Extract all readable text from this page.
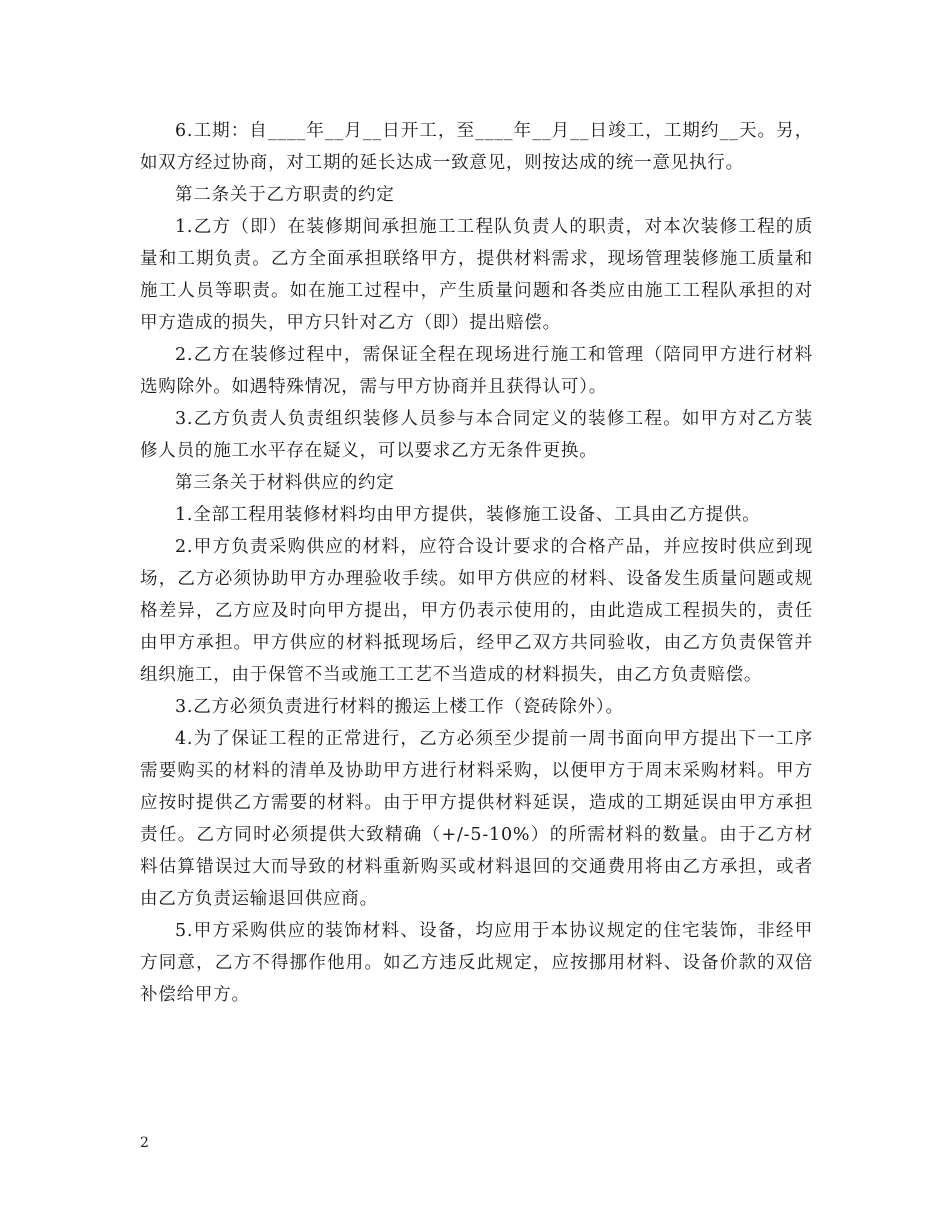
6.工期：自____年__月__日开工，至____年__月__日竣工，工期约__天。另，如双方经过协商，对工期的延长达成一致意见，则按达成的统一意见执行。

第二条关于乙方职责的约定

1.乙方（即）在装修期间承担施工工程队负责人的职责，对本次装修工程的质量和工期负责。乙方全面承担联络甲方，提供材料需求，现场管理装修施工质量和施工人员等职责。如在施工过程中，产生质量问题和各类应由施工工程队承担的对甲方造成的损失，甲方只针对乙方（即）提出赔偿。

2.乙方在装修过程中，需保证全程在现场进行施工和管理（陪同甲方进行材料选购除外。如遇特殊情况，需与甲方协商并且获得认可）。

3.乙方负责人负责组织装修人员参与本合同定义的装修工程。如甲方对乙方装修人员的施工水平存在疑义，可以要求乙方无条件更换。

第三条关于材料供应的约定

1.全部工程用装修材料均由甲方提供，装修施工设备、工具由乙方提供。

2.甲方负责采购供应的材料，应符合设计要求的合格产品，并应按时供应到现场，乙方必须协助甲方办理验收手续。如甲方供应的材料、设备发生质量问题或规格差异，乙方应及时向甲方提出，甲方仍表示使用的，由此造成工程损失的，责任由甲方承担。甲方供应的材料抵现场后，经甲乙双方共同验收，由乙方负责保管并组织施工，由于保管不当或施工工艺不当造成的材料损失，由乙方负责赔偿。

3.乙方必须负责进行材料的搬运上楼工作（瓷砖除外）。

4.为了保证工程的正常进行，乙方必须至少提前一周书面向甲方提出下一工序需要购买的材料的清单及协助甲方进行材料采购，以便甲方于周末采购材料。甲方应按时提供乙方需要的材料。由于甲方提供材料延误，造成的工期延误由甲方承担责任。乙方同时必须提供大致精确（+/-5-10%）的所需材料的数量。由于乙方材料估算错误过大而导致的材料重新购买或材料退回的交通费用将由乙方承担，或者由乙方负责运输退回供应商。

5.甲方采购供应的装饰材料、设备，均应用于本协议规定的住宅装饰，非经甲方同意，乙方不得挪作他用。如乙方违反此规定，应按挪用材料、设备价款的双倍补偿给甲方。

2
